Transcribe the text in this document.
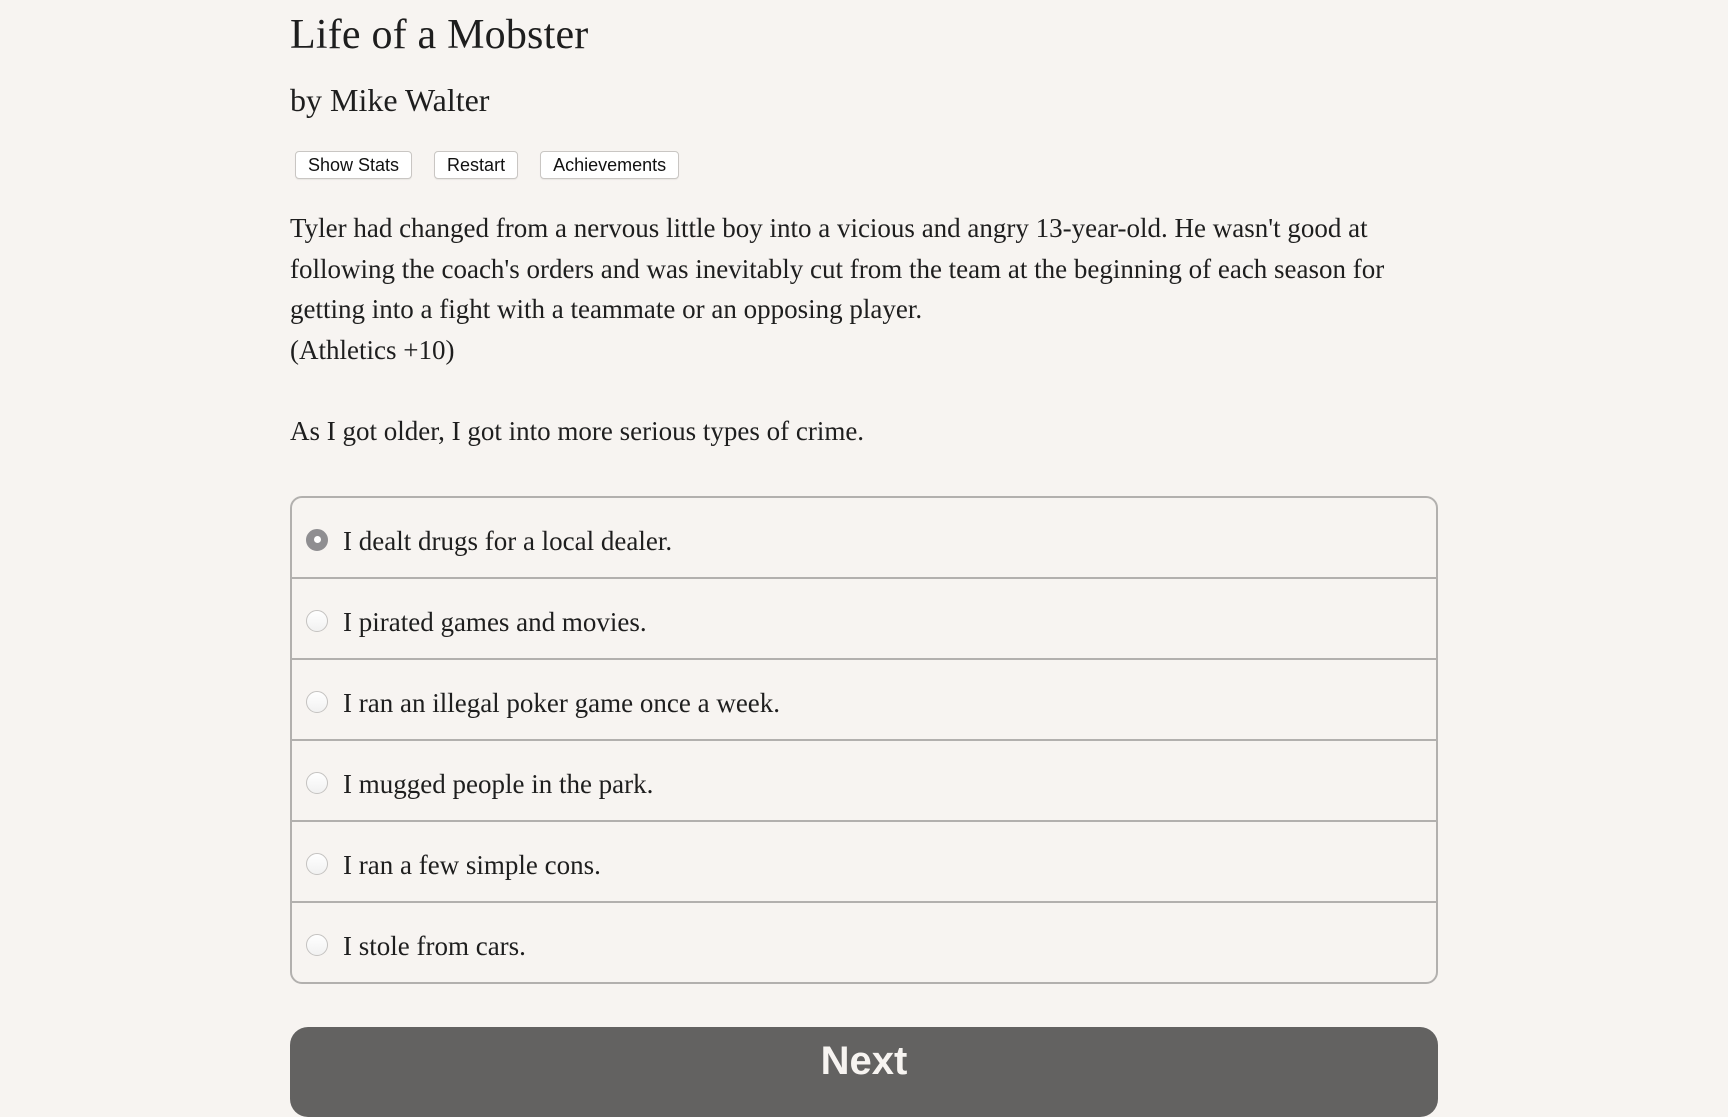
Life of a Mobster
by Mike Walter
Show Stats	Restart	Achievements

Tyler had changed from a nervous little boy into a vicious and angry 13-year-old. He wasn't good at following the coach's orders and was inevitably cut from the team at the beginning of each season for getting into a fight with a teammate or an opposing player.

(Athletics +10)

As I got older, I got into more serious types of crime.

I dealt drugs for a local dealer.
I pirated games and movies.
I ran an illegal poker game once a week.
I mugged people in the park.
I ran a few simple cons.
I stole from cars.
Next
